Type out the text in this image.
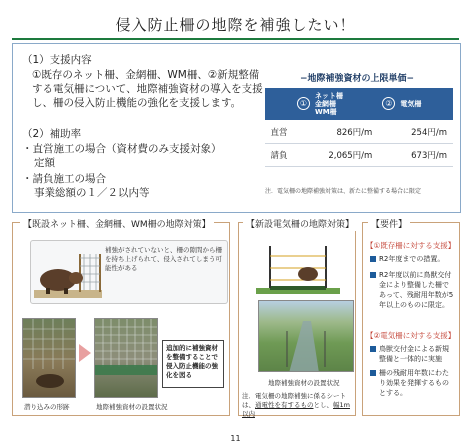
侵入防止柵の地際を補強したい！
（1）支援内容
①既存のネット柵、金網柵、WM柵、②新規整備
する電気柵について、地際補強資材の導入を支援
し、柵の侵入防止機能の強化を支援します。
（2）補助率
・直営施工の場合（資材費のみ支援対象）
定額
・請負施工の場合
事業総額の１／２以内等
−地際補強資材の上限単価−
	①ネット柵
金網柵
WM柵	② 電気柵
直営	826円/m	254円/m
請負	2,065円/m	673円/m
注．電気柵の地際補強対策は、新たに整備する場合に限定
【既設ネット柵、金網柵、WM柵の地際対策】
補強がされていないと、柵の隙間から柵を持ち上げられて、侵入されてしまう可能性がある
追加的に補強資材を整備することで侵入防止機能の強化を図る
潜り込みの形跡	地際補強資材の設置状況
【新設電気柵の地際対策】
地際補強資材の設置状況
注．電気柵の地際補強に係るシートは、通電性を有するものとし、幅1m以内
【要件】
【①既存柵に対する支援】
R2年度までの措置。
R2年度以前に鳥獣交付金により整備した柵であって、残耐用年数が5年以上のものに限定。
【②電気柵に対する支援】
鳥獣交付金による新規整備と一体的に実施
柵の残耐用年数にわたり効果を発揮するものとする。
11
